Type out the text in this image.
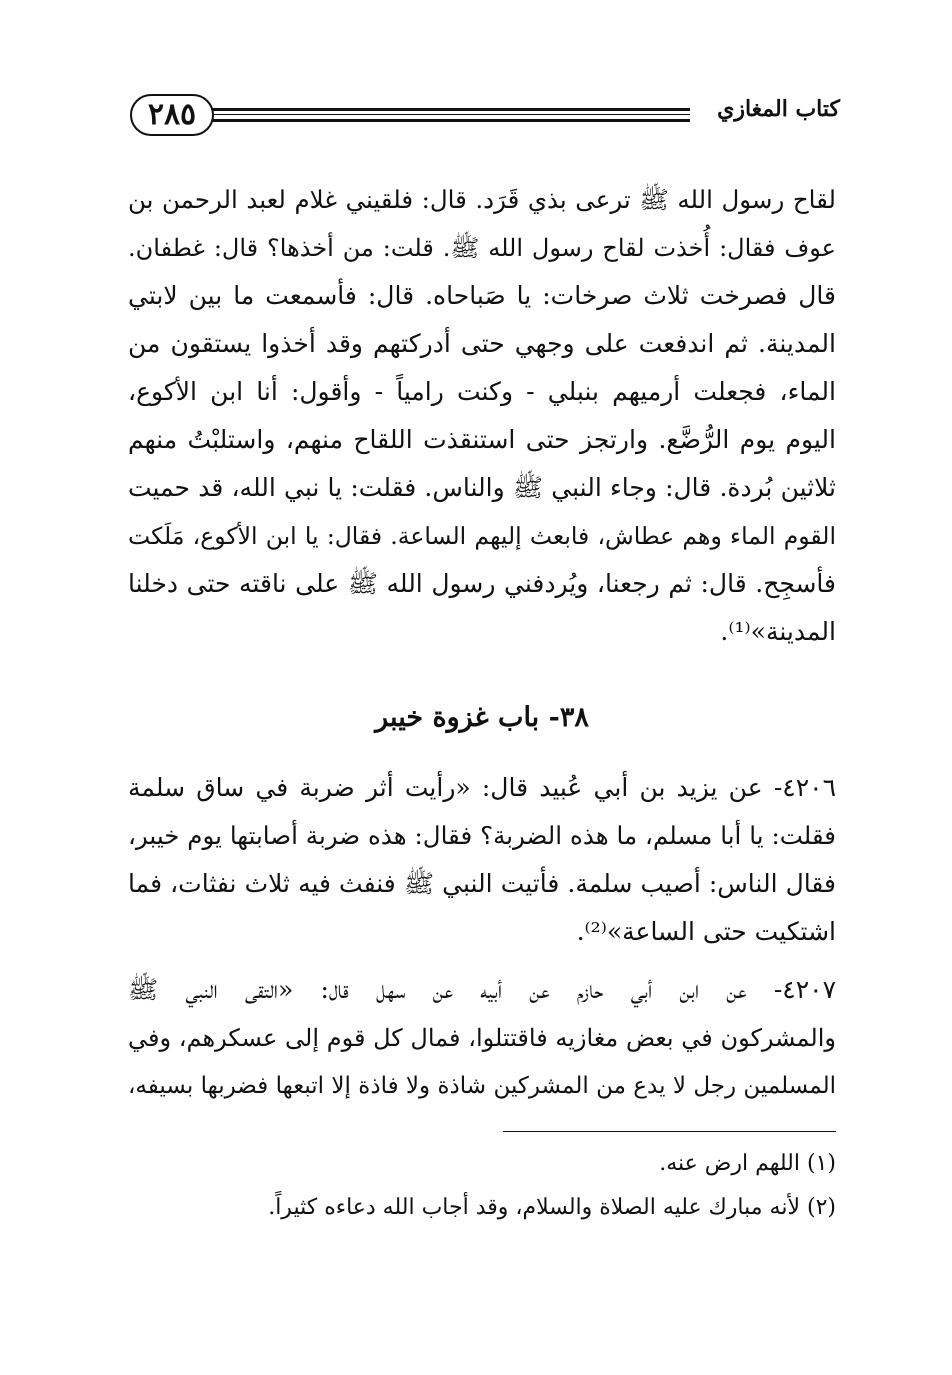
٢٨٥	كتاب المغازي
لقاح رسول الله ﷺ ترعى بذي قَرَد. قال: فلقيني غلام لعبد الرحمن بن
عوف فقال: أُخذت لقاح رسول الله ﷺ. قلت: من أخذها؟ قال: غطفان.
قال فصرخت ثلاث صرخات: يا صَباحاه. قال: فأسمعت ما بين لابتي
المدينة. ثم اندفعت على وجهي حتى أدركتهم وقد أخذوا يستقون من
الماء، فجعلت أرميهم بنبلي - وكنت رامياً - وأقول: أنا ابن الأكوع،
اليوم يوم الرُّضَّع. وارتجز حتى استنقذت اللقاح منهم، واستلبْتُ منهم
ثلاثين بُردة. قال: وجاء النبي ﷺ والناس. فقلت: يا نبي الله، قد حميت
القوم الماء وهم عطاش، فابعث إليهم الساعة. فقال: يا ابن الأكوع، مَلَكت
فأسجِح. قال: ثم رجعنا، ويُردفني رسول الله ﷺ على ناقته حتى دخلنا
المدينة»⁽¹⁾.
٣٨- باب غزوة خيبر
٤٢٠٦- عن يزيد بن أبي عُبيد قال: «رأيت أثر ضربة في ساق سلمة
فقلت: يا أبا مسلم، ما هذه الضربة؟ فقال: هذه ضربة أصابتها يوم خيبر،
فقال الناس: أصيب سلمة. فأتيت النبي ﷺ فنفث فيه ثلاث نفثات، فما
اشتكيت حتى الساعة»⁽²⁾.
٤٢٠٧- عن ابن أبي حازم عن أبيه عن سهل قال: «التقى النبي ﷺ
والمشركون في بعض مغازيه فاقتتلوا، فمال كل قوم إلى عسكرهم، وفي
المسلمين رجل لا يدع من المشركين شاذة ولا فاذة إلا اتبعها فضربها بسيفه،
(١) اللهم ارض عنه.
(٢) لأنه مبارك عليه الصلاة والسلام، وقد أجاب الله دعاءه كثيراً.
